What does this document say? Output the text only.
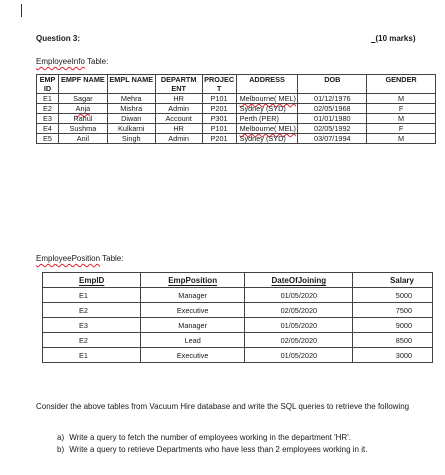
Question 3:	(10 marks)
EmployeeInfo Table:
EMP ID	EMPF NAME	EMPL NAME	DEPARTM ENT	PROJEC T	ADDRESS	DOB	GENDER
E1	Sagar	Mehra	HR	P101	Melbourne( MEL)	01/12/1976	M
E2	Anja	Mishra	Admin	P201	Sydney (SYD)	02/05/1968	F
E3	Rahul	Diwan	Account	P301	Perth (PER)	01/01/1980	M
E4	Sushma	Kulkarni	HR	P101	Melbourne( MEL)	02/05/1992	F
E5	Anil	Singh	Admin	P201	Sydney (SYD)	03/07/1994	M
EmployeePosition Table:
EmpID	EmpPosition	DateOfJoining	Salary
E1	Manager	01/05/2020	5000
E2	Executive	02/05/2020	7500
E3	Manager	01/05/2020	9000
E2	Lead	02/05/2020	8500
E1	Executive	01/05/2020	3000
Consider the above tables from Vacuum Hire database and write the SQL queries to retrieve the following
a) Write a query to fetch the number of employees working in the department 'HR'.
b) Write a query to retrieve Departments who have less than 2 employees working in it.
